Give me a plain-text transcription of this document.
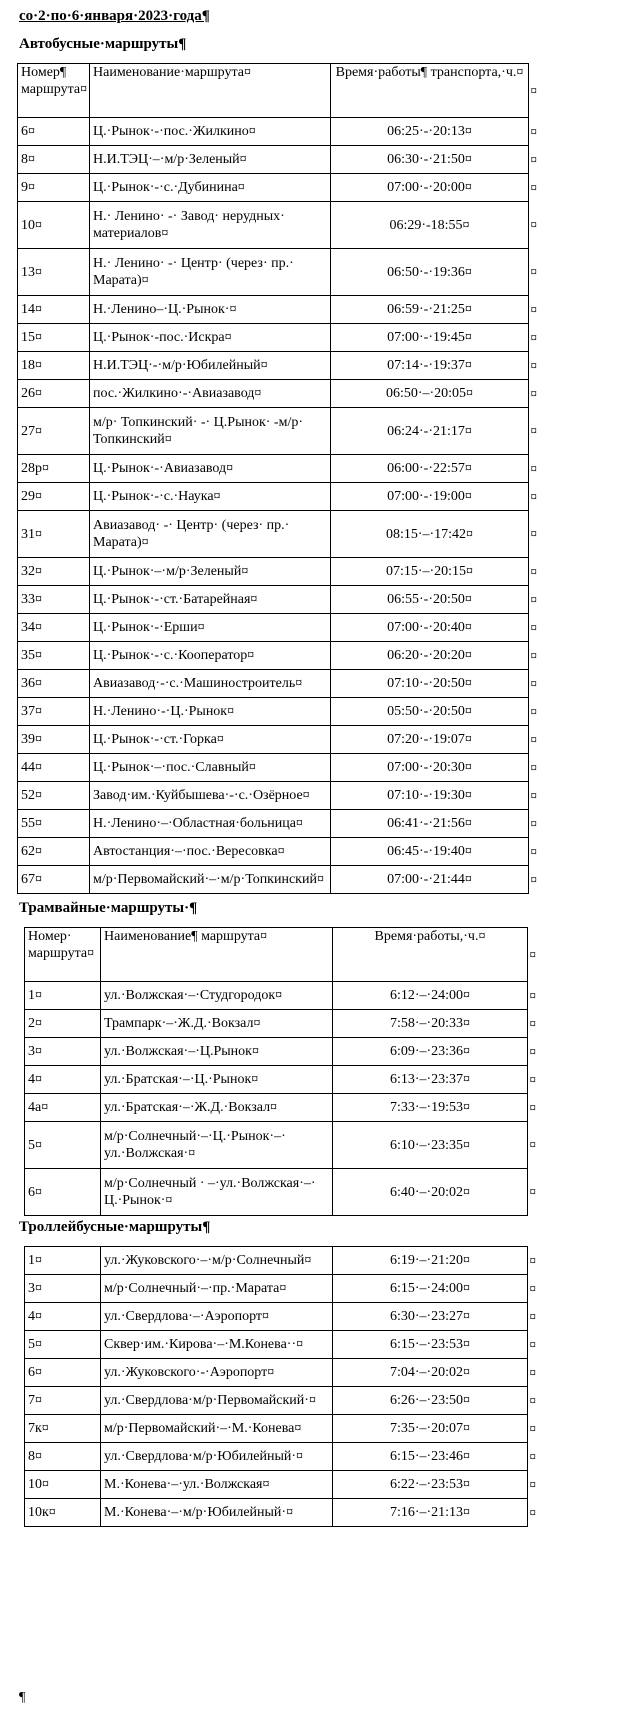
со·2·по·6·января·2023·года¶
Автобусные·маршруты¶
Номер¶ маршрута¤	Наименование·маршрута¤	Время·работы¶ транспорта,·ч.¤
6¤	Ц.·Рынок·-·пос.·Жилкино¤	06:25·-·20:13¤
8¤	Н.И.ТЭЦ·–·м/р·Зеленый¤	06:30·-·21:50¤
9¤	Ц.·Рынок·-·с.·Дубинина¤	07:00·-·20:00¤
10¤	Н.· Ленино· -· Завод· нерудных· материалов¤	06:29·-18:55¤
13¤	Н.· Ленино· -· Центр· (через· пр.· Марата)¤	06:50·-·19:36¤
14¤	Н.·Ленино–·Ц.·Рынок·¤	06:59·-·21:25¤
15¤	Ц.·Рынок·-пос.·Искра¤	07:00·-·19:45¤
18¤	Н.И.ТЭЦ·-·м/р·Юбилейный¤	07:14·-·19:37¤
26¤	пос.·Жилкино·-·Авиазавод¤	06:50·–·20:05¤
27¤	м/р· Топкинский· -· Ц.Рынок· -м/р· Топкинский¤	06:24·-·21:17¤
28р¤	Ц.·Рынок·-·Авиазавод¤	06:00·-·22:57¤
29¤	Ц.·Рынок·-·с.·Наука¤	07:00·-·19:00¤
31¤	Авиазавод· -· Центр· (через· пр.· Марата)¤	08:15·–·17:42¤
32¤	Ц.·Рынок·–·м/р·Зеленый¤	07:15·–·20:15¤
33¤	Ц.·Рынок·-·ст.·Батарейная¤	06:55·-·20:50¤
34¤	Ц.·Рынок·-·Ерши¤	07:00·-·20:40¤
35¤	Ц.·Рынок·-·с.·Кооператор¤	06:20·-·20:20¤
36¤	Авиазавод·-·с.·Машиностроитель¤	07:10·-·20:50¤
37¤	Н.·Ленино·-·Ц.·Рынок¤	05:50·-·20:50¤
39¤	Ц.·Рынок·-·ст.·Горка¤	07:20·-·19:07¤
44¤	Ц.·Рынок·–·пос.·Славный¤	07:00·-·20:30¤
52¤	Завод·им.·Куйбышева·-·с.·Озёрное¤	07:10·-·19:30¤
55¤	Н.·Ленино·–·Областная·больница¤	06:41·-·21:56¤
62¤	Автостанция·–·пос.·Вересовка¤	06:45·-·19:40¤
67¤	м/р·Первомайский·–·м/р·Топкинский¤	07:00·-·21:44¤
Трамвайные·маршруты·¶
Номер· маршрута¤	Наименование¶ маршрута¤	Время·работы,·ч.¤
1¤	ул.·Волжская·–·Студгородок¤	6:12·–·24:00¤
2¤	Трампарк·–·Ж.Д.·Вокзал¤	7:58·–·20:33¤
3¤	ул.·Волжская·–·Ц.Рынок¤	6:09·–·23:36¤
4¤	ул.·Братская·–·Ц.·Рынок¤	6:13·–·23:37¤
4а¤	ул.·Братская·–·Ж.Д.·Вокзал¤	7:33·–·19:53¤
5¤	м/р·Солнечный·–·Ц.·Рынок·–· ул.·Волжская·¤	6:10·–·23:35¤
6¤	м/р·Солнечный · –·ул.·Волжская·–· Ц.·Рынок·¤	6:40·–·20:02¤
Троллейбусные·маршруты¶
1¤	ул.·Жуковского·–·м/р·Солнечный¤	6:19·–·21:20¤
3¤	м/р·Солнечный·–·пр.·Марата¤	6:15·–·24:00¤
4¤	ул.·Свердлова·–·Аэропорт¤	6:30·–·23:27¤
5¤	Сквер·им.·Кирова·–·М.Конева··¤	6:15·–·23:53¤
6¤	ул.·Жуковского·-·Аэропорт¤	7:04·–·20:02¤
7¤	ул.·Свердлова·м/р·Первомайский·¤	6:26·–·23:50¤
7к¤	м/р·Первомайский·–·М.·Конева¤	7:35·–·20:07¤
8¤	ул.·Свердлова·м/р·Юбилейный·¤	6:15·–·23:46¤
10¤	М.·Конева·–·ул.·Волжская¤	6:22·–·23:53¤
10к¤	М.·Конева·–·м/р·Юбилейный·¤	7:16·–·21:13¤
¤
¤
¤
¤
¤
¤
¤
¤
¤
¤
¤
¤
¤
¤
¤
¤
¤
¤
¤
¤
¤
¤
¤
¤
¤
¤
¤
¤
¤
¤
¤
¤
¤
¤
¤
¤
¤
¤
¤
¤
¤
¤
¤
¤
¶
